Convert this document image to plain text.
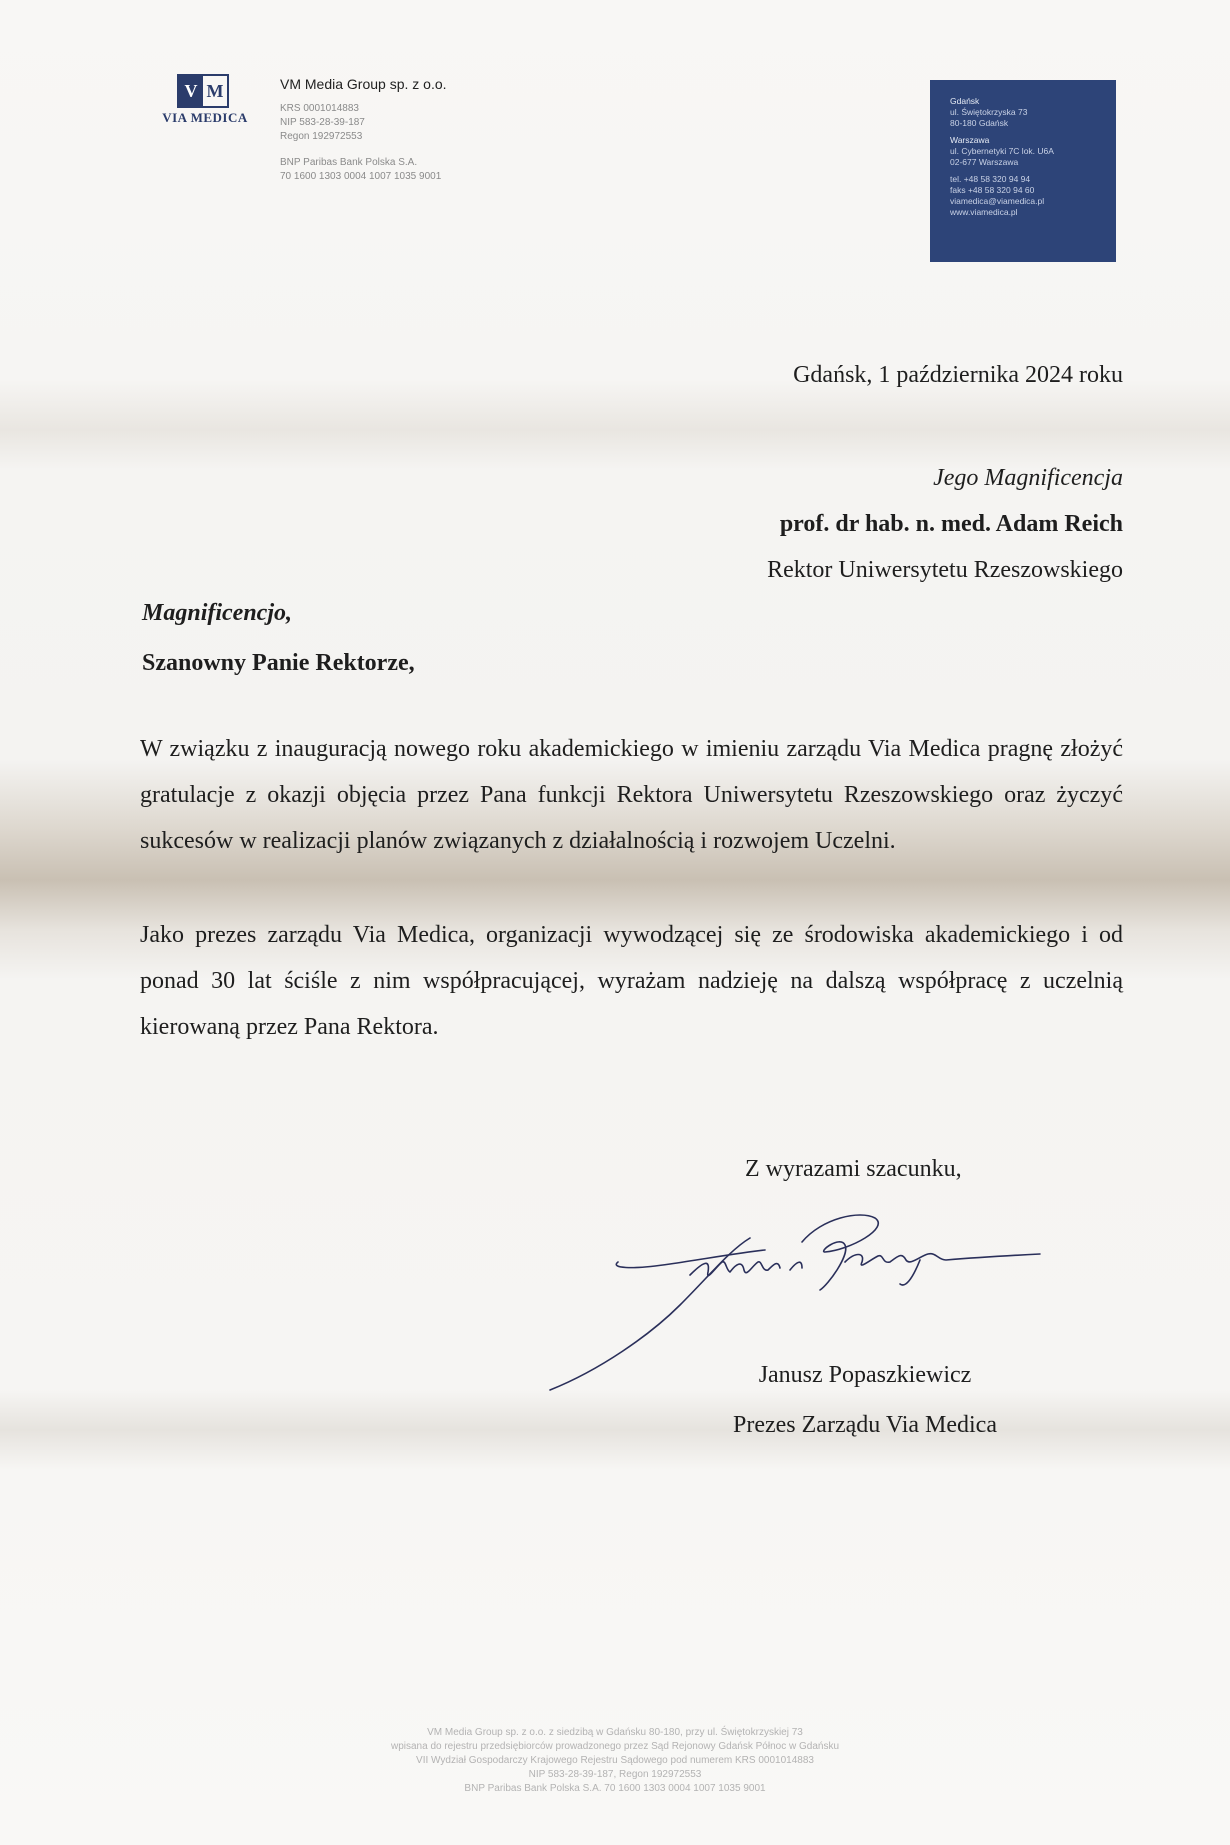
V M
VIA MEDICA
VM Media Group sp. z o.o.
KRS 0001014883
NIP 583-28-39-187
Regon 192972553
BNP Paribas Bank Polska S.A.
70 1600 1303 0004 1007 1035 9001
Gdańsk
ul. Świętokrzyska 73
80-180 Gdańsk
Warszawa
ul. Cybernetyki 7C lok. U6A
02-677 Warszawa
tel. +48 58 320 94 94
faks +48 58 320 94 60
viamedica@viamedica.pl
www.viamedica.pl
Gdańsk, 1 października 2024 roku
Jego Magnificencja
prof. dr hab. n. med. Adam Reich
Rektor Uniwersytetu Rzeszowskiego
Magnificencjo,
Szanowny Panie Rektorze,
W związku z inauguracją nowego roku akademickiego w imieniu zarządu Via Medica pragnę złożyć gratulacje z okazji objęcia przez Pana funkcji Rektora Uniwersytetu Rzeszowskiego oraz życzyć sukcesów w realizacji planów związanych z działalnością i rozwojem Uczelni.
Jako prezes zarządu Via Medica, organizacji wywodzącej się ze środowiska akademickiego i od ponad 30 lat ściśle z nim współpracującej, wyrażam nadzieję na dalszą współpracę z uczelnią kierowaną przez Pana Rektora.
Z wyrazami szacunku,
Janusz Popaszkiewicz
Prezes Zarządu Via Medica
VM Media Group sp. z o.o. z siedzibą w Gdańsku 80-180, przy ul. Świętokrzyskiej 73
wpisana do rejestru przedsiębiorców prowadzonego przez Sąd Rejonowy Gdańsk Północ w Gdańsku
VII Wydział Gospodarczy Krajowego Rejestru Sądowego pod numerem KRS 0001014883
NIP 583-28-39-187, Regon 192972553
BNP Paribas Bank Polska S.A. 70 1600 1303 0004 1007 1035 9001
